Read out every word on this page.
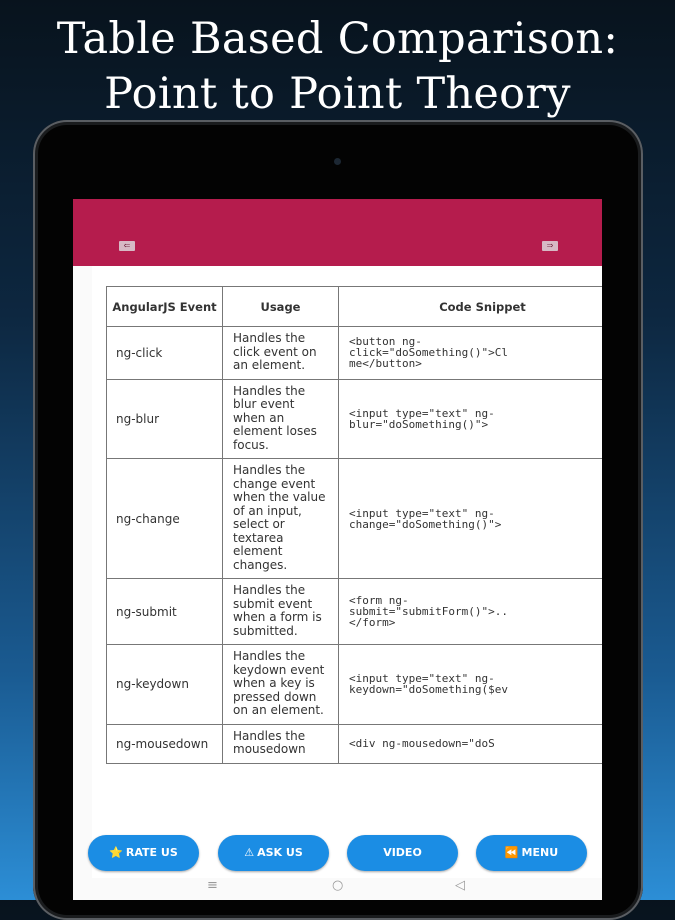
Table Based Comparison:
Point to Point Theory
⇐	⇒
AngularJS Event	Usage	Code Snippet
ng-click	Handles the click event on an element.	<button ng-
click="doSomething()">Cl
me</button>
ng-blur	Handles the blur event when an element loses focus.	<input type="text" ng-
blur="doSomething()">
ng-change	Handles the change event when the value of an input, select or textarea element changes.	<input type="text" ng-
change="doSomething()">
ng-submit	Handles the submit event when a form is submitted.	<form ng-
submit="submitForm()">..
</form>
ng-keydown	Handles the keydown event when a key is pressed down on an element.	<input type="text" ng-
keydown="doSomething($ev
ng-mousedown	Handles the mousedown	<div ng-mousedown="doS
⭐ RATE US	⚠ ASK US	VIDEO	⏪ MENU
≡	○	◁
